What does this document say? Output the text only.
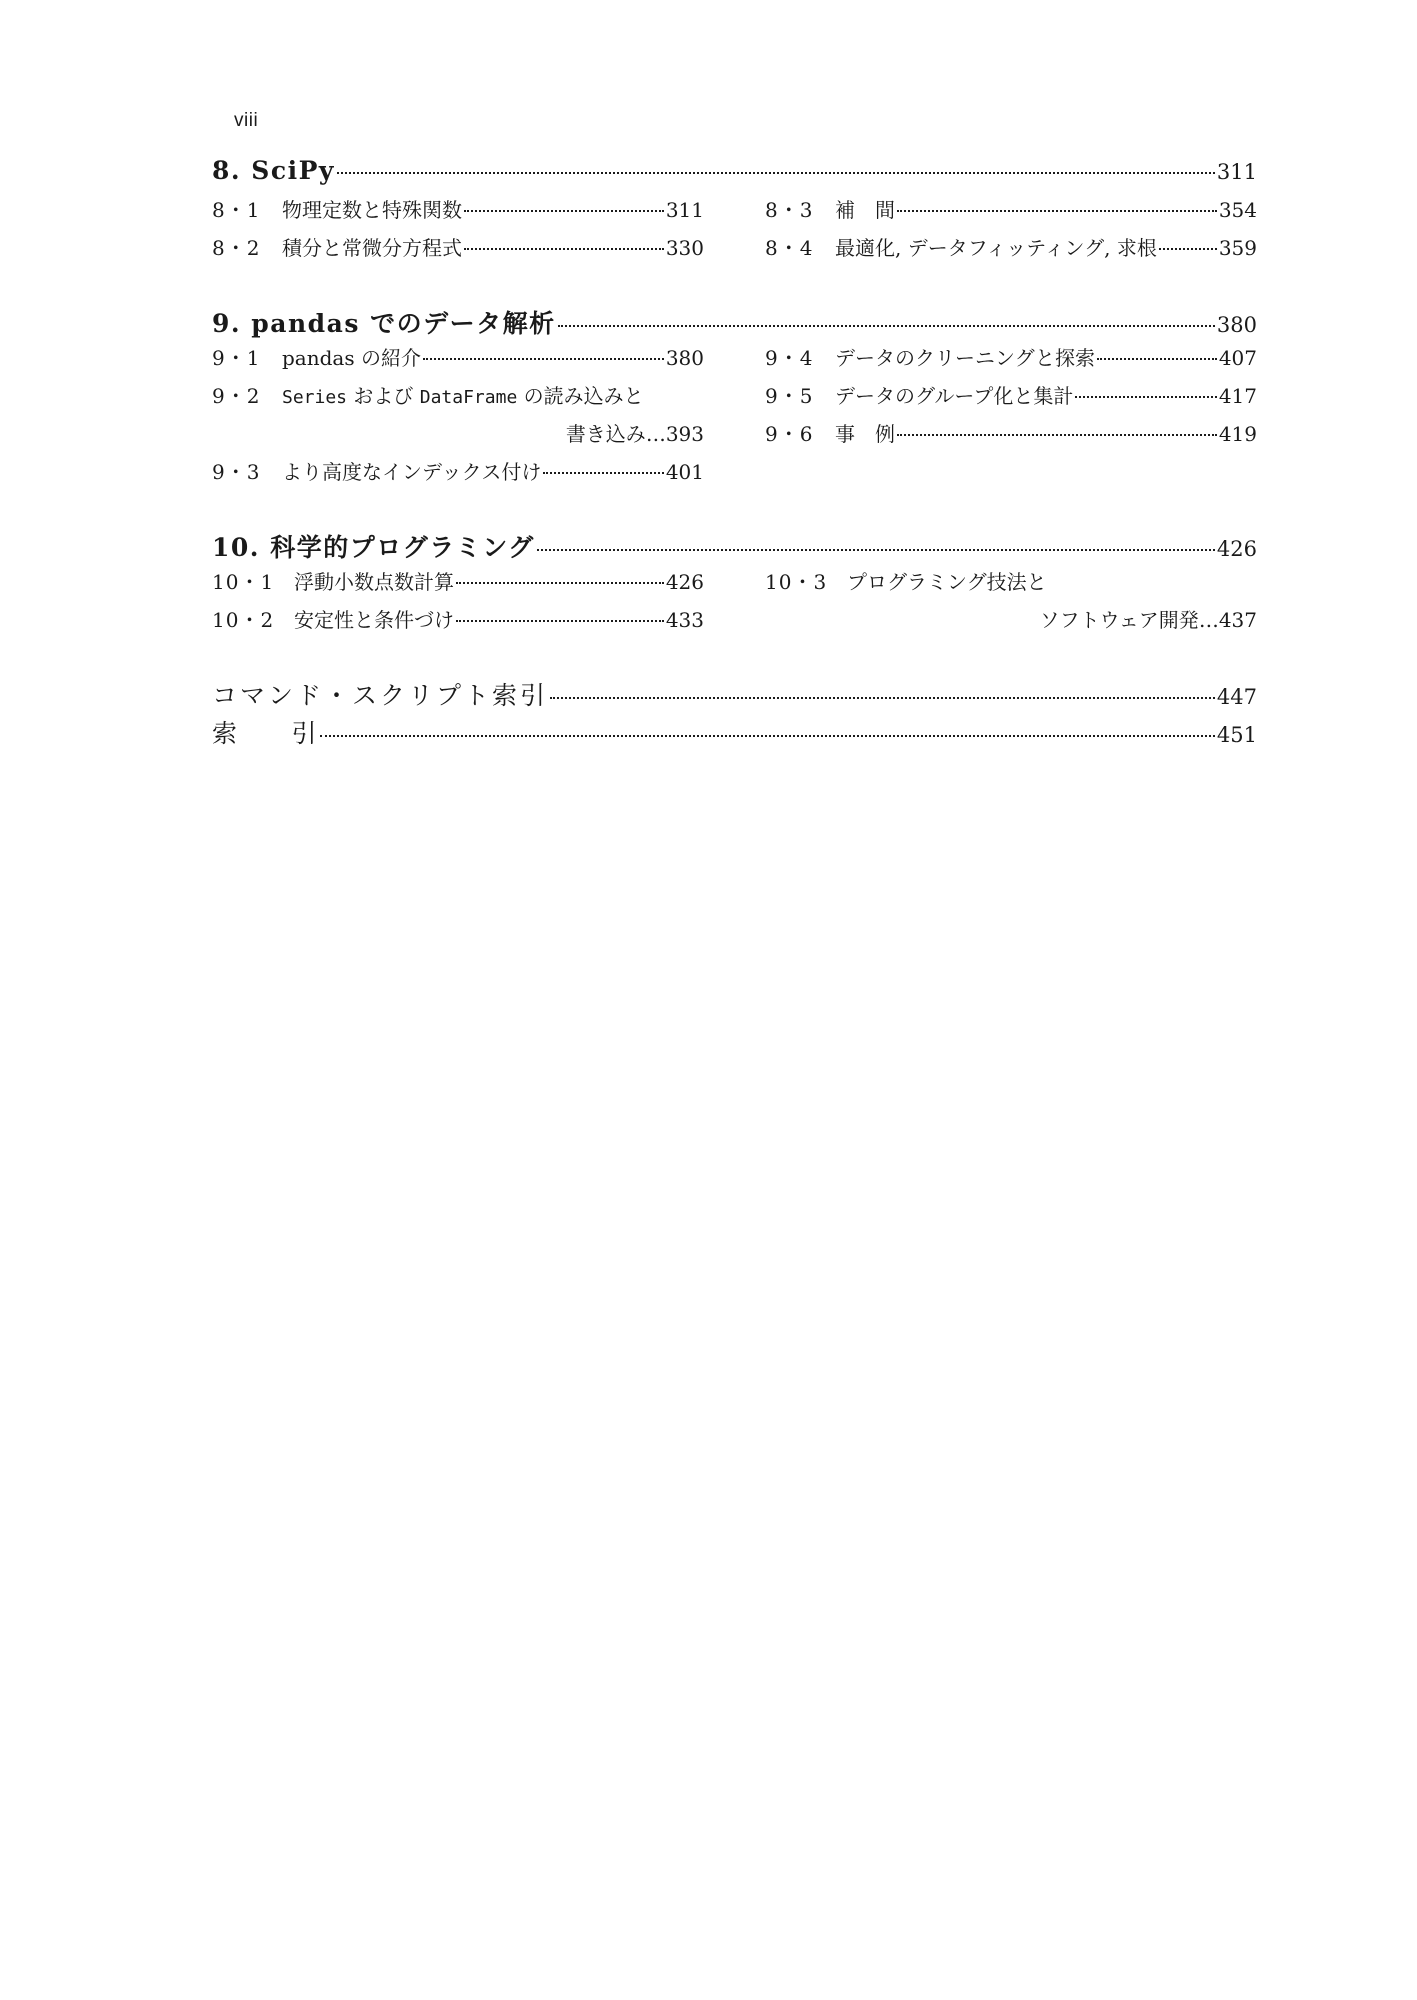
viii
8. SciPy	311
8・1 物理定数と特殊関数	311
8・2 積分と常微分方程式	330
8・3 補　間	354
8・4 最適化, データフィッティング, 求根	359
9. pandas でのデータ解析	380
9・1 pandas の紹介	380
9・2 Series および DataFrame の読み込みと
書き込み … 393
9・3 より高度なインデックス付け	401
9・4 データのクリーニングと探索	407
9・5 データのグループ化と集計	417
9・6 事　例	419
10. 科学的プログラミング	426
10・1 浮動小数点数計算	426
10・2 安定性と条件づけ	433
10・3 プログラミング技法と
ソフトウェア開発 … 437
コマンド・スクリプト索引	447
索　　引	451
